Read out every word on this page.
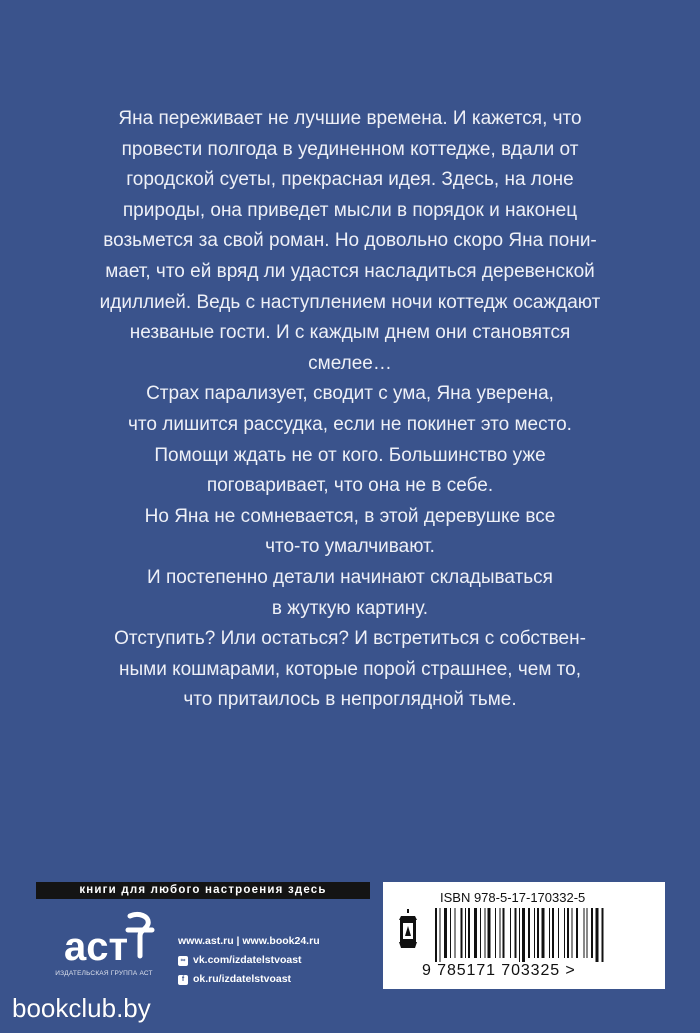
Яна переживает не лучшие времена. И кажется, что
провести полгода в уединенном коттедже, вдали от
городской суеты, прекрасная идея. Здесь, на лоне
природы, она приведет мысли в порядок и наконец
возьмется за свой роман. Но довольно скоро Яна пони-
мает, что ей вряд ли удастся насладиться деревенской
идиллией. Ведь с наступлением ночи коттедж осаждают
незваные гости. И с каждым днем они становятся
смелее…
Страх парализует, сводит с ума, Яна уверена,
что лишится рассудка, если не покинет это место.
Помощи ждать не от кого. Большинство уже
поговаривает, что она не в себе.
Но Яна не сомневается, в этой деревушке все
что-то умалчивают.
И постепенно детали начинают складываться
в жуткую картину.
Отступить? Или остаться? И встретиться с собствен-
ными кошмарами, которые порой страшнее, чем то,
что притаилось в непроглядной тьме.
книги для любого настроения здесь
аст
ИЗДАТЕЛЬСКАЯ ГРУППА АСТ
www.ast.ru | www.book24.ru
∞ vk.com/izdatelstvoast
f ok.ru/izdatelstvoast
ISBN 978-5-17-170332-5
9 785171 703325 >
bookclub.by
